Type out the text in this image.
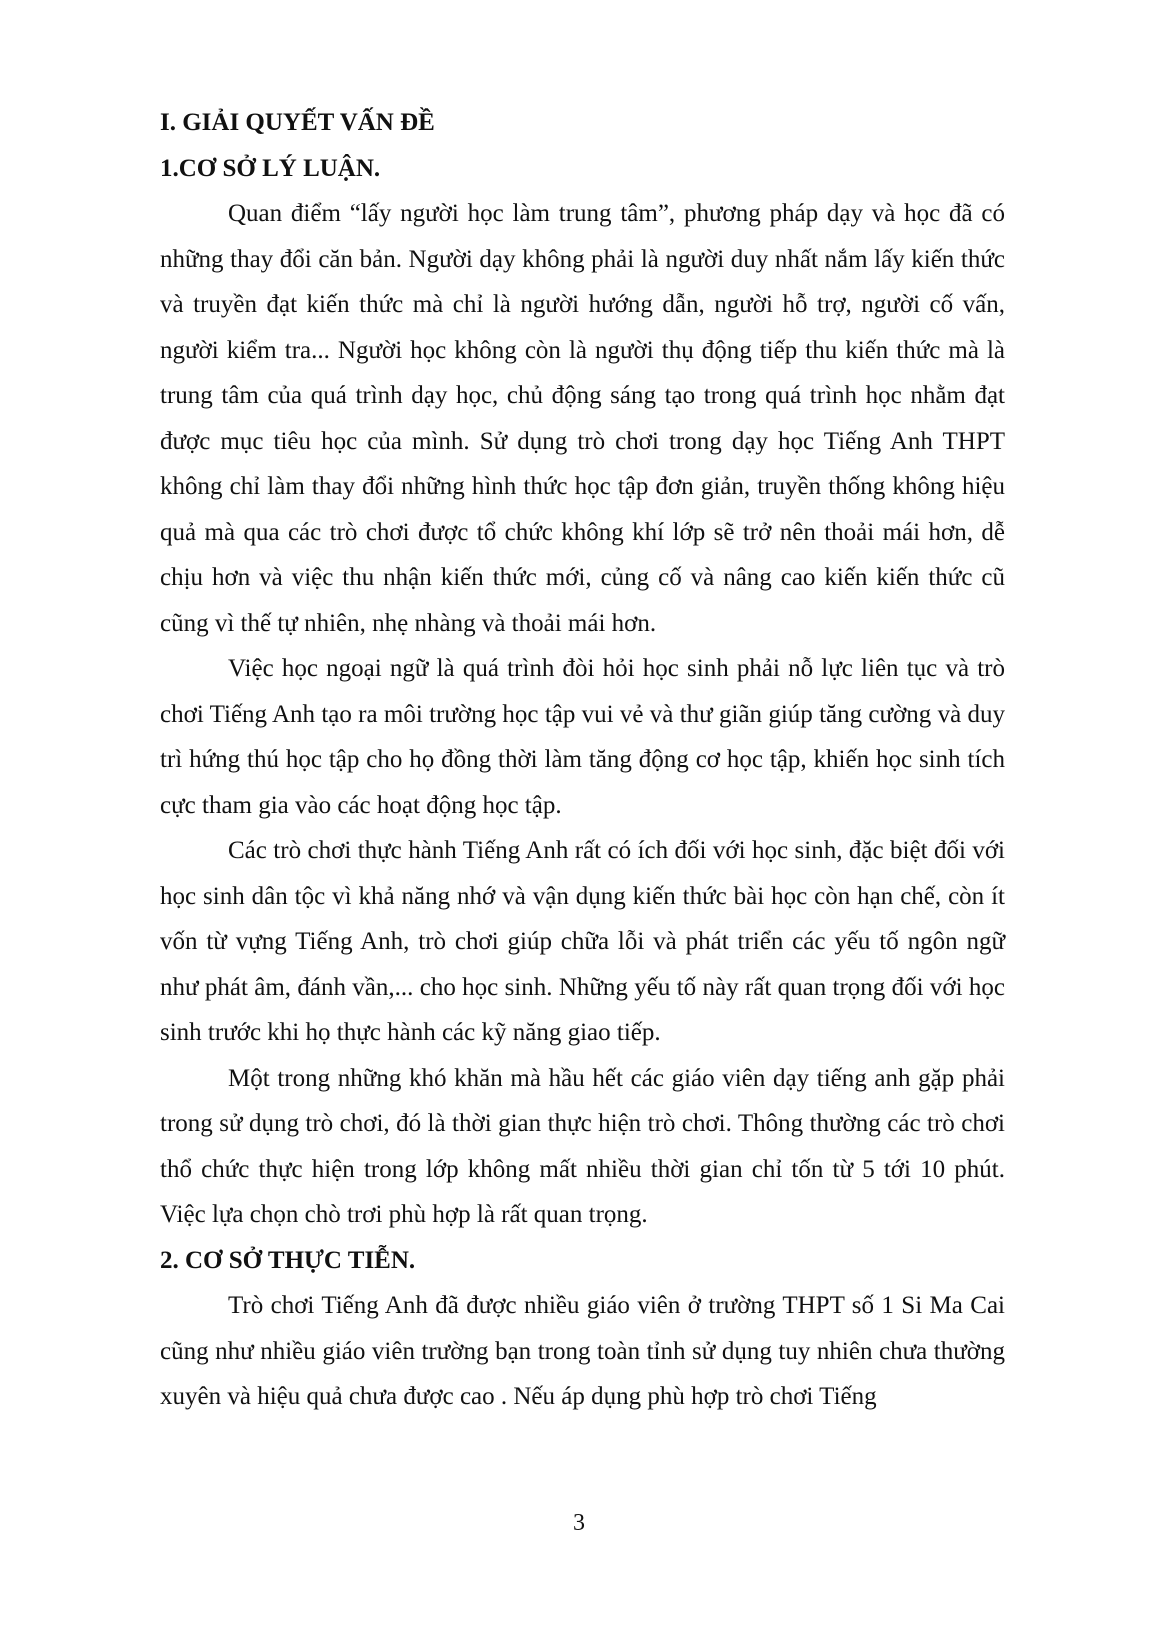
I. GIẢI QUYẾT VẤN ĐỀ

1.CƠ SỞ LÝ LUẬN.

Quan điểm “lấy người học làm trung tâm”, phương pháp dạy và học đã có những thay đổi căn bản. Người dạy không phải là người duy nhất nắm lấy kiến thức và truyền đạt kiến thức mà chỉ là người hướng dẫn, người hỗ trợ, người cố vấn, người kiểm tra... Người học không còn là người thụ động tiếp thu kiến thức mà là trung tâm của quá trình dạy học, chủ động sáng tạo trong quá trình học nhằm đạt được mục tiêu học của mình. Sử dụng trò chơi trong dạy học Tiếng Anh THPT không chỉ làm thay đổi những hình thức học tập đơn giản, truyền thống không hiệu quả mà qua các trò chơi được tổ chức không khí lớp sẽ trở nên thoải mái hơn, dễ chịu hơn và việc thu nhận kiến thức mới, củng cố và nâng cao kiến kiến thức cũ cũng vì thế tự nhiên, nhẹ nhàng và thoải mái hơn.

Việc học ngoại ngữ là quá trình đòi hỏi học sinh phải nỗ lực liên tục và trò chơi Tiếng Anh tạo ra môi trường học tập vui vẻ và thư giãn giúp tăng cường và duy trì hứng thú học tập cho họ đồng thời làm tăng động cơ học tập, khiến học sinh tích cực tham gia vào các hoạt động học tập.

Các trò chơi thực hành Tiếng Anh rất có ích đối với học sinh, đặc biệt đối với học sinh dân tộc vì khả năng nhớ và vận dụng kiến thức bài học còn hạn chế, còn ít vốn từ vựng Tiếng Anh, trò chơi giúp chữa lỗi và phát triển các yếu tố ngôn ngữ như phát âm, đánh vần,... cho học sinh. Những yếu tố này rất quan trọng đối với học sinh trước khi họ thực hành các kỹ năng giao tiếp.

Một trong những khó khăn mà hầu hết các giáo viên dạy tiếng anh gặp phải trong sử dụng trò chơi, đó là thời gian thực hiện trò chơi. Thông thường các trò chơi thổ chức thực hiện trong lớp không mất nhiều thời gian chỉ tốn từ 5 tới 10 phút. Việc lựa chọn chò trơi phù hợp là rất quan trọng.

2. CƠ SỞ THỰC TIỄN.

Trò chơi Tiếng Anh đã được nhiều giáo viên ở trường THPT số 1 Si Ma Cai cũng như nhiều giáo viên trường bạn trong toàn tỉnh sử dụng tuy nhiên chưa thường xuyên và hiệu quả chưa được cao . Nếu áp dụng phù hợp trò chơi Tiếng

3
